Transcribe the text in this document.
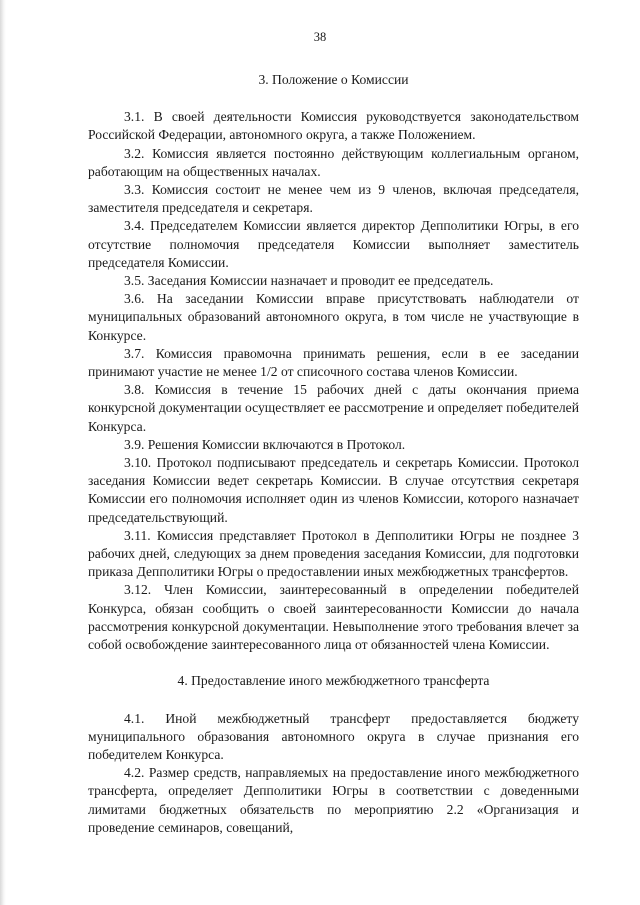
38

3. Положение о Комиссии

3.1. В своей деятельности Комиссия руководствуется законодательством Российской Федерации, автономного округа, а также Положением.

3.2. Комиссия является постоянно действующим коллегиальным органом, работающим на общественных началах.

3.3. Комиссия состоит не менее чем из 9 членов, включая председателя, заместителя председателя и секретаря.

3.4. Председателем Комиссии является директор Депполитики Югры, в его отсутствие полномочия председателя Комиссии выполняет заместитель председателя Комиссии.

3.5. Заседания Комиссии назначает и проводит ее председатель.

3.6. На заседании Комиссии вправе присутствовать наблюдатели от муниципальных образований автономного округа, в том числе не участвующие в Конкурсе.

3.7. Комиссия правомочна принимать решения, если в ее заседании принимают участие не менее 1/2 от списочного состава членов Комиссии.

3.8. Комиссия в течение 15 рабочих дней с даты окончания приема конкурсной документации осуществляет ее рассмотрение и определяет победителей Конкурса.

3.9. Решения Комиссии включаются в Протокол.

3.10. Протокол подписывают председатель и секретарь Комиссии. Протокол заседания Комиссии ведет секретарь Комиссии. В случае отсутствия секретаря Комиссии его полномочия исполняет один из членов Комиссии, которого назначает председательствующий.

3.11. Комиссия представляет Протокол в Депполитики Югры не позднее 3 рабочих дней, следующих за днем проведения заседания Комиссии, для подготовки приказа Депполитики Югры о предоставлении иных межбюджетных трансфертов.

3.12. Член Комиссии, заинтересованный в определении победителей Конкурса, обязан сообщить о своей заинтересованности Комиссии до начала рассмотрения конкурсной документации. Невыполнение этого требования влечет за собой освобождение заинтересованного лица от обязанностей члена Комиссии.

4. Предоставление иного межбюджетного трансферта

4.1. Иной межбюджетный трансферт предоставляется бюджету муниципального образования автономного округа в случае признания его победителем Конкурса.

4.2. Размер средств, направляемых на предоставление иного межбюджетного трансферта, определяет Депполитики Югры в соответствии с доведенными лимитами бюджетных обязательств по мероприятию 2.2 «Организация и проведение семинаров, совещаний,
